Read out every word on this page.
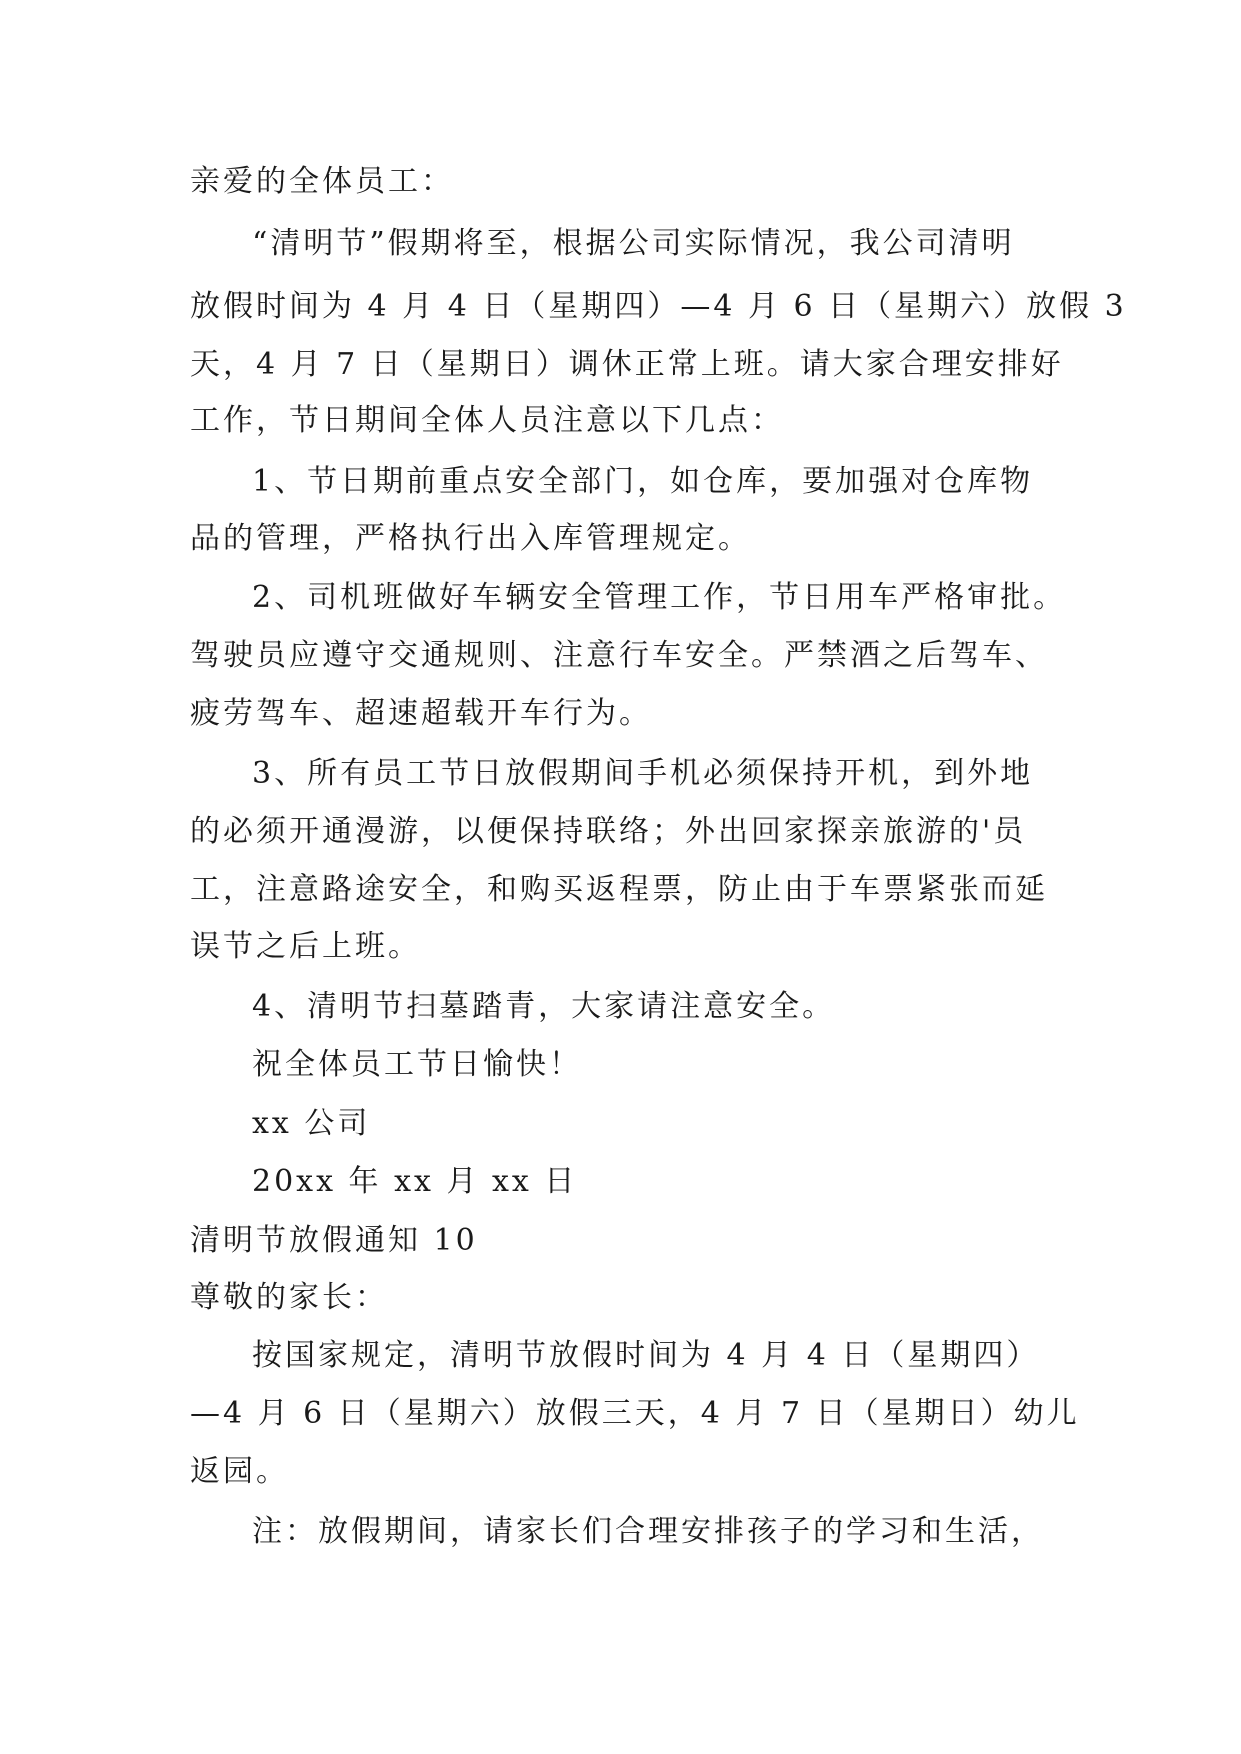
亲爱的全体员工：

“清明节”假期将至，根据公司实际情况，我公司清明

放假时间为 4 月 4 日（星期四）—4 月 6 日（星期六）放假 3

天，4 月 7 日（星期日）调休正常上班。请大家合理安排好

工作，节日期间全体人员注意以下几点：

1、节日期前重点安全部门，如仓库，要加强对仓库物

品的管理，严格执行出入库管理规定。

2、司机班做好车辆安全管理工作，节日用车严格审批。

驾驶员应遵守交通规则、注意行车安全。严禁酒之后驾车、

疲劳驾车、超速超载开车行为。

3、所有员工节日放假期间手机必须保持开机，到外地

的必须开通漫游，以便保持联络；外出回家探亲旅游的'员

工，注意路途安全，和购买返程票，防止由于车票紧张而延

误节之后上班。

4、清明节扫墓踏青，大家请注意安全。

祝全体员工节日愉快！

xx 公司

20xx 年 xx 月 xx 日

清明节放假通知 10

尊敬的家长：

按国家规定，清明节放假时间为 4 月 4 日（星期四）

—4 月 6 日（星期六）放假三天，4 月 7 日（星期日）幼儿

返园。

注：放假期间，请家长们合理安排孩子的学习和生活，
